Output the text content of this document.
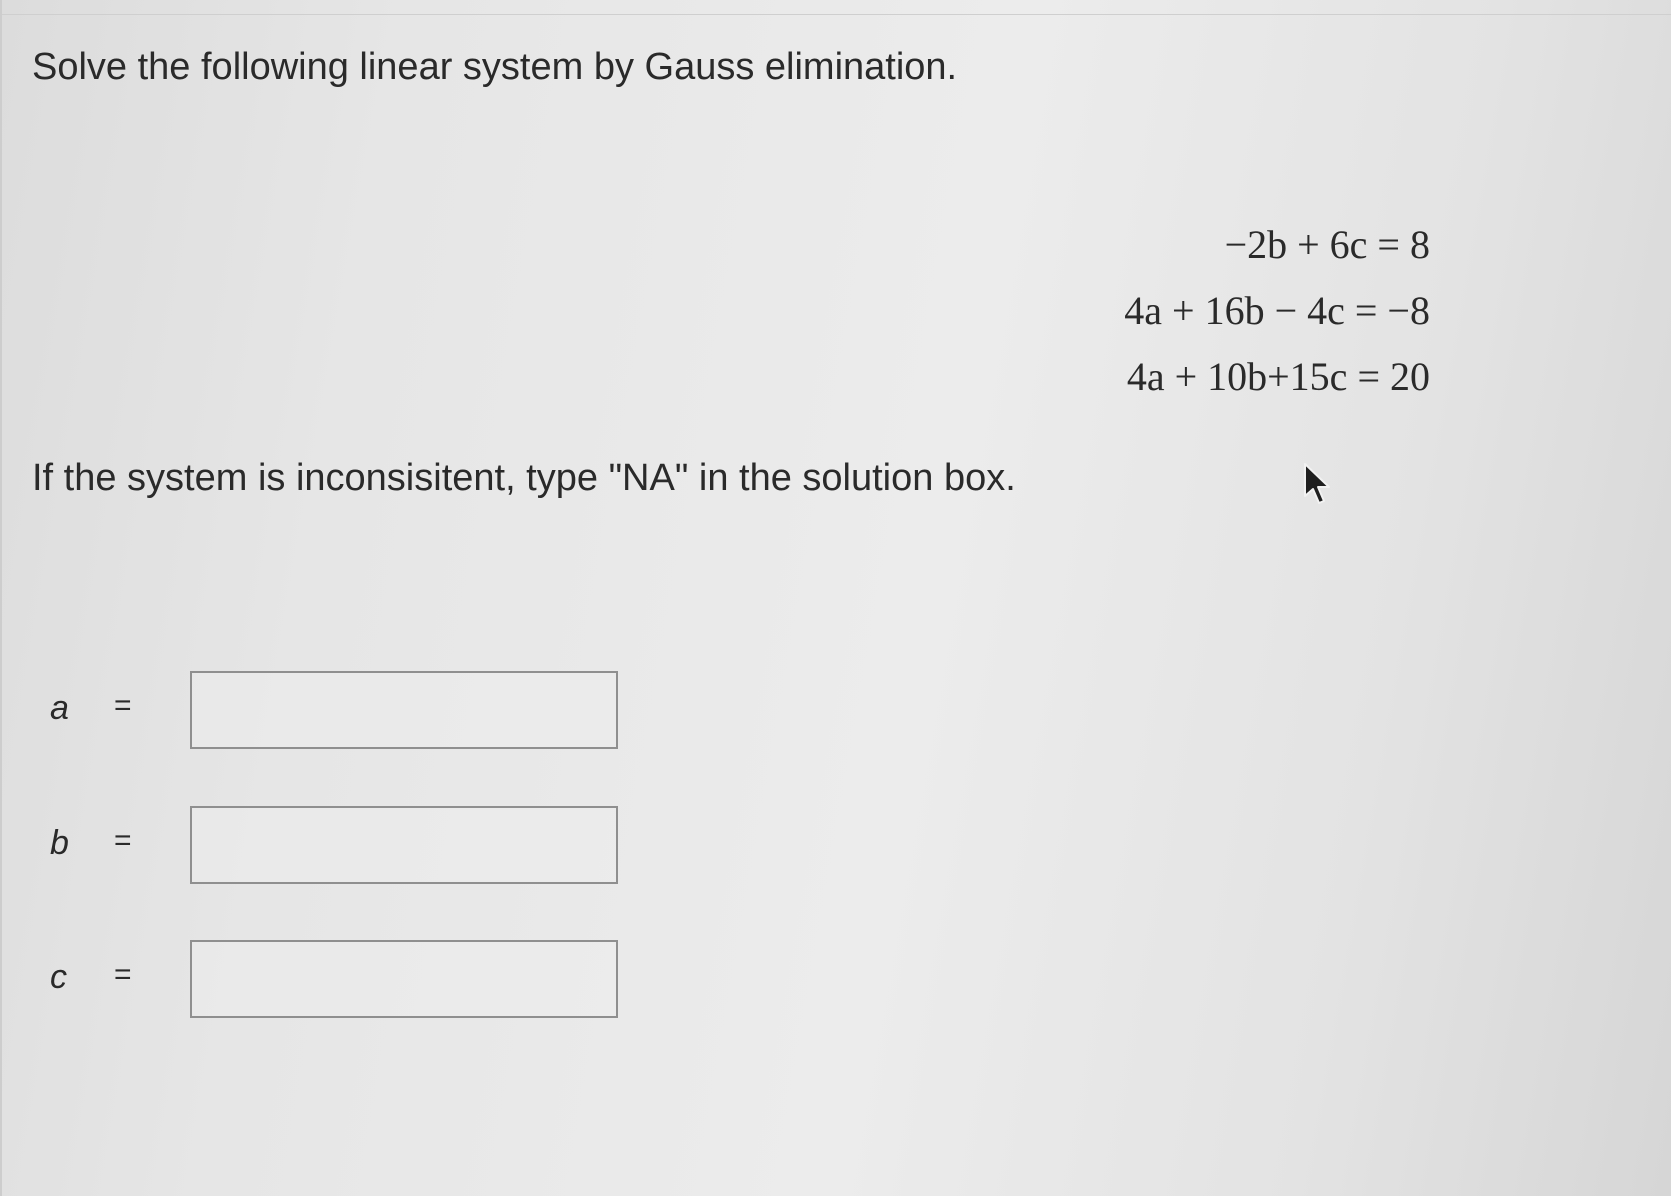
Solve the following linear system by Gauss elimination.
−2b + 6c = 8
4a + 16b − 4c = −8
4a + 10b+15c = 20

If the system is inconsisitent, type "NA" in the solution box.

a =
b =
c =
